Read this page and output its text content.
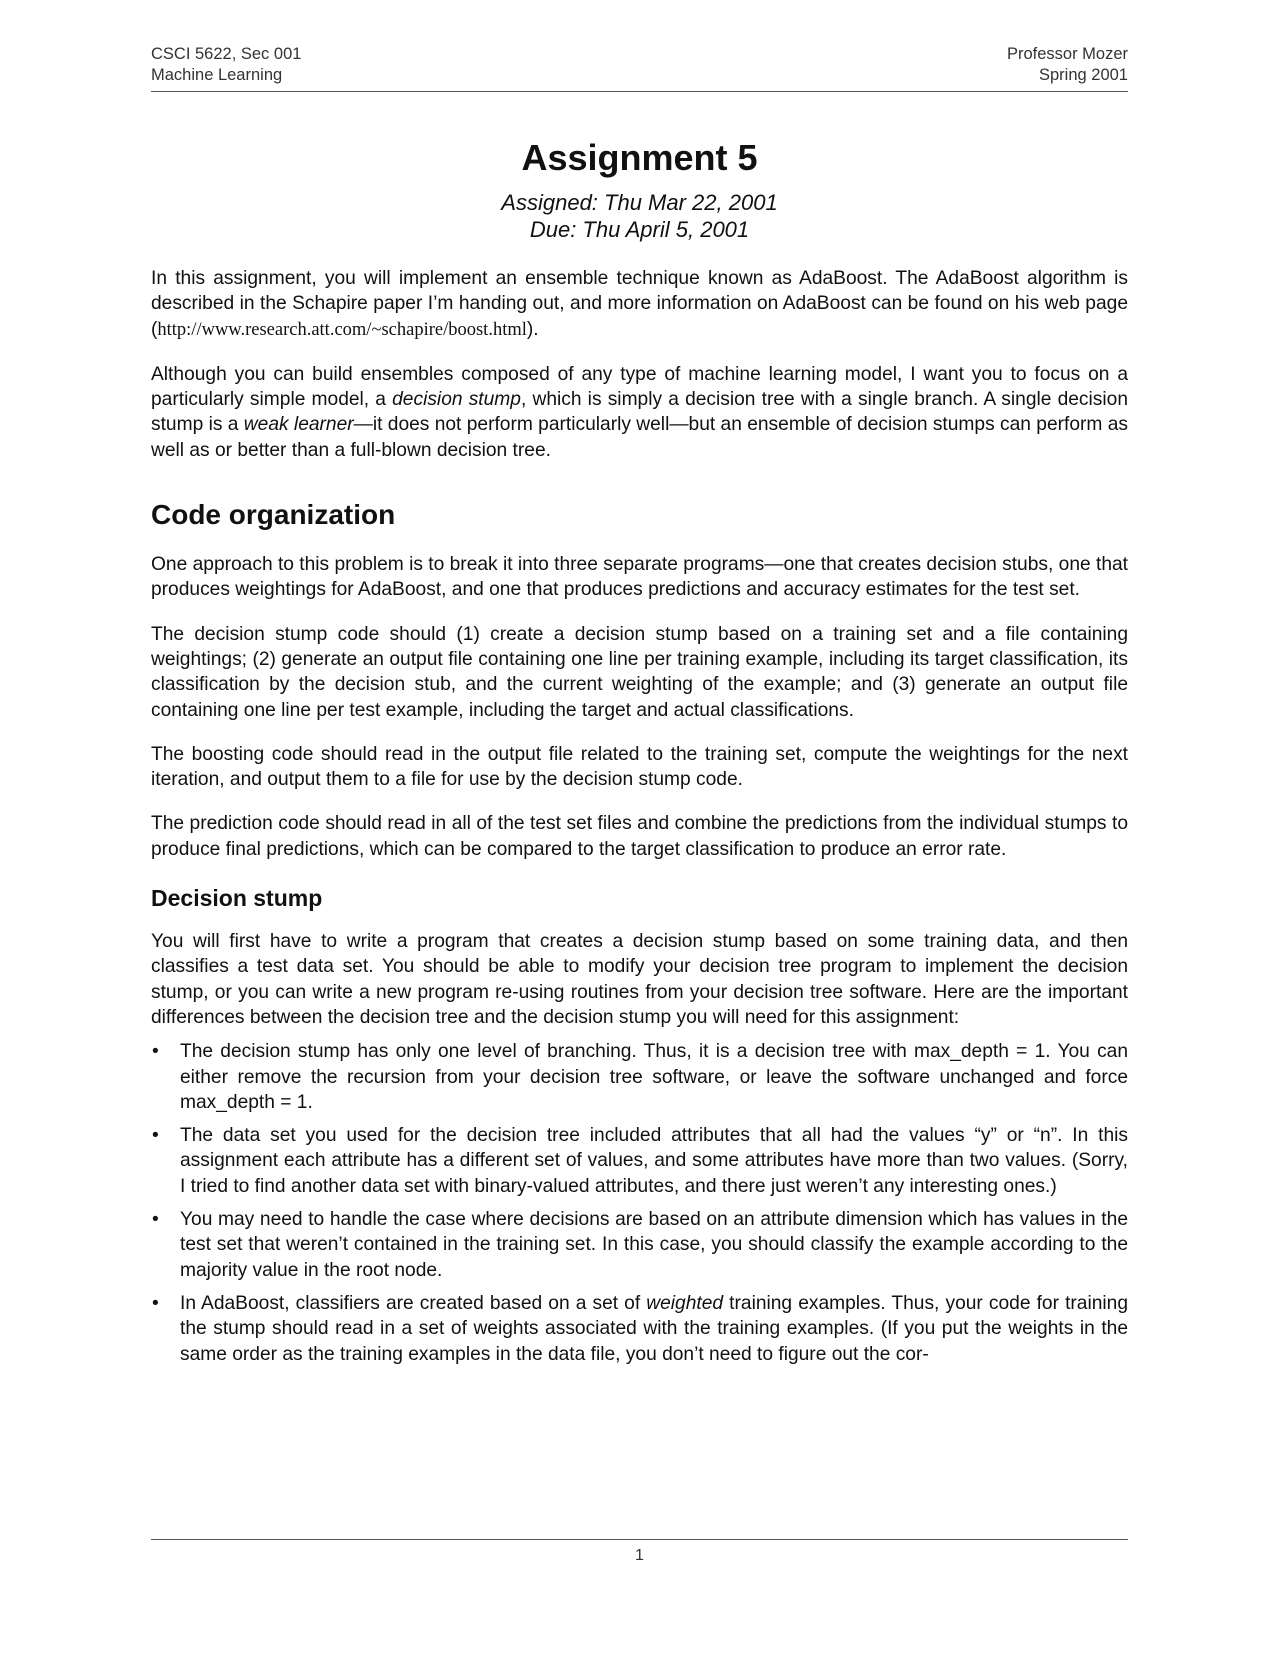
CSCI 5622, Sec 001
Machine Learning
Professor Mozer
Spring 2001
Assignment 5
Assigned: Thu Mar 22, 2001
Due: Thu April 5, 2001

In this assignment, you will implement an ensemble technique known as AdaBoost. The AdaBoost algorithm is described in the Schapire paper I’m handing out, and more information on AdaBoost can be found on his web page (http://www.research.att.com/~schapire/boost.html).

Although you can build ensembles composed of any type of machine learning model, I want you to focus on a particularly simple model, a decision stump, which is simply a decision tree with a single branch. A single decision stump is a weak learner—it does not perform particularly well—but an ensemble of decision stumps can perform as well as or better than a full-blown decision tree.

Code organization

One approach to this problem is to break it into three separate programs—one that creates decision stubs, one that produces weightings for AdaBoost, and one that produces predictions and accuracy estimates for the test set.

The decision stump code should (1) create a decision stump based on a training set and a file containing weightings; (2) generate an output file containing one line per training example, including its target classification, its classification by the decision stub, and the current weighting of the example; and (3) generate an output file containing one line per test example, including the target and actual classifications.

The boosting code should read in the output file related to the training set, compute the weightings for the next iteration, and output them to a file for use by the decision stump code.

The prediction code should read in all of the test set files and combine the predictions from the individual stumps to produce final predictions, which can be compared to the target classification to produce an error rate.

Decision stump

You will first have to write a program that creates a decision stump based on some training data, and then classifies a test data set. You should be able to modify your decision tree program to implement the decision stump, or you can write a new program re-using routines from your decision tree software. Here are the important differences between the decision tree and the decision stump you will need for this assignment:

• The decision stump has only one level of branching. Thus, it is a decision tree with max_depth = 1. You can either remove the recursion from your decision tree software, or leave the software unchanged and force max_depth = 1.
• The data set you used for the decision tree included attributes that all had the values “y” or “n”. In this assignment each attribute has a different set of values, and some attributes have more than two values. (Sorry, I tried to find another data set with binary-valued attributes, and there just weren’t any interesting ones.)
• You may need to handle the case where decisions are based on an attribute dimension which has values in the test set that weren’t contained in the training set. In this case, you should classify the example according to the majority value in the root node.
• In AdaBoost, classifiers are created based on a set of weighted training examples. Thus, your code for training the stump should read in a set of weights associated with the training examples. (If you put the weights in the same order as the training examples in the data file, you don’t need to figure out the cor-
1
